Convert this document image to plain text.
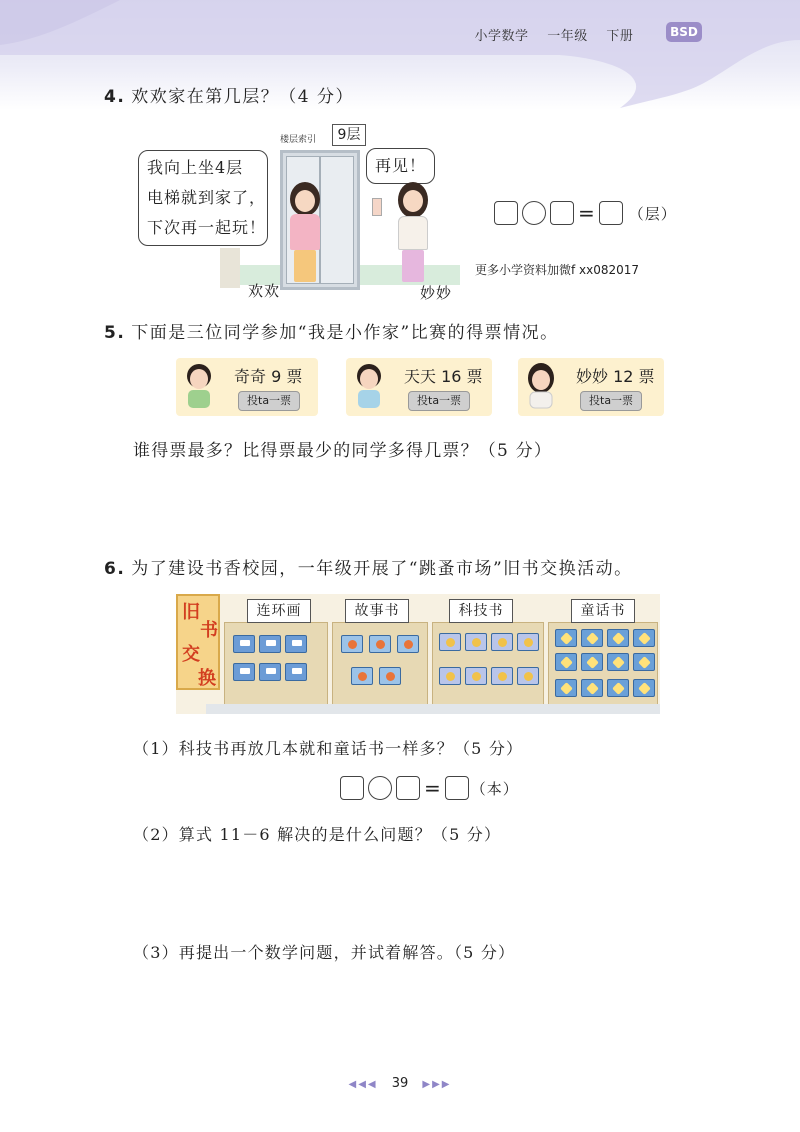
小学数学 一年级 下册	BSD
4. 欢欢家在第几层？（4 分）
楼层索引	9层
我向上坐4层
电梯就到家了，
下次再一起玩！
再见！
欢欢	妙妙
= （层）
更多小学资料加微f xx082017
5. 下面是三位同学参加“我是小作家”比赛的得票情况。
奇奇 9 票
投ta一票
天天 16 票
投ta一票
妙妙 12 票
投ta一票
谁得票最多？比得票最少的同学多得几票？（5 分）
6. 为了建设书香校园，一年级开展了“跳蚤市场”旧书交换活动。
旧
书
交
换
连环画	故事书	科技书	童话书
（1）科技书再放几本就和童话书一样多？（5 分）
= （本）
（2）算式 11－6 解决的是什么问题？（5 分）
（3）再提出一个数学问题，并试着解答。（5 分）
◀◀◀ 39 ▶▶▶
